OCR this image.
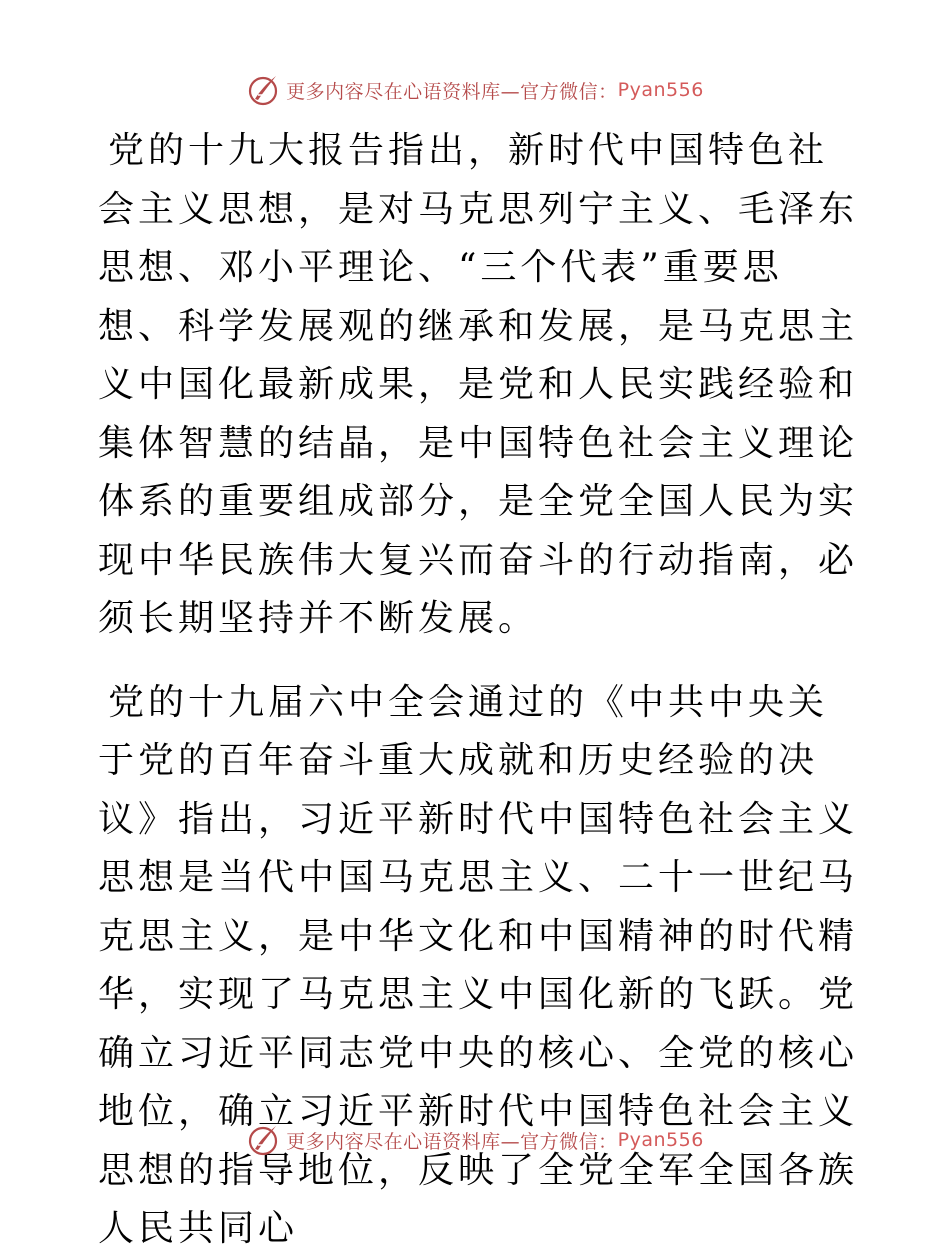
更多内容尽在心语资料库—官方微信： Pyan556

党的十九大报告指出，新时代中国特色社会主义思想，是对马克思列宁主义、毛泽东思想、邓小平理论、“三个代表”重要思想、科学发展观的继承和发展，是马克思主义中国化最新成果，是党和人民实践经验和集体智慧的结晶，是中国特色社会主义理论体系的重要组成部分，是全党全国人民为实现中华民族伟大复兴而奋斗的行动指南，必须长期坚持并不断发展。

党的十九届六中全会通过的《中共中央关于党的百年奋斗重大成就和历史经验的决议》指出，习近平新时代中国特色社会主义思想是当代中国马克思主义、二十一世纪马克思主义，是中华文化和中国精神的时代精华，实现了马克思主义中国化新的飞跃。党确立习近平同志党中央的核心、全党的核心地位，确立习近平新时代中国特色社会主义思想的指导地位，反映了全党全军全国各族人民共同心

更多内容尽在心语资料库—官方微信： Pyan556
